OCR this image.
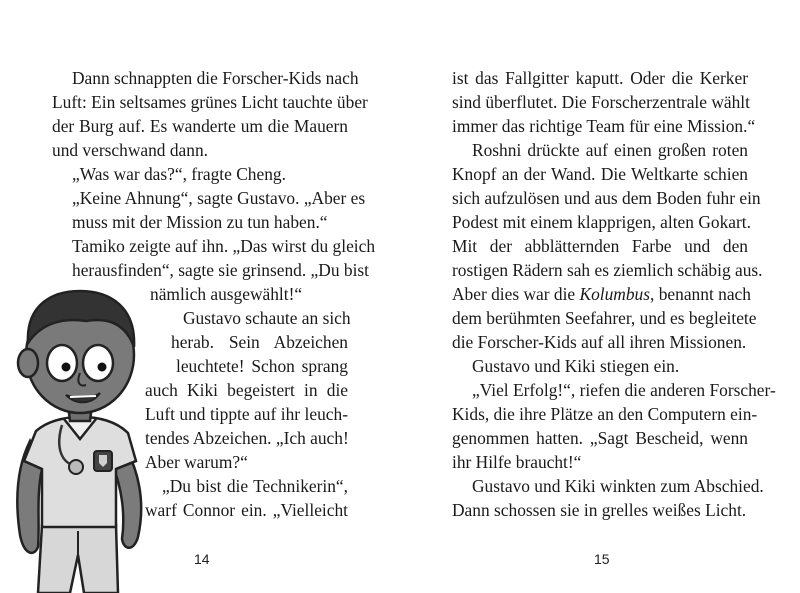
Dann schnappten die Forscher-Kids nach
Luft: Ein seltsames grünes Licht tauchte über
der Burg auf. Es wanderte um die Mauern
und verschwand dann.
„Was war das?“, fragte Cheng.
„Keine Ahnung“, sagte Gustavo. „Aber es
muss mit der Mission zu tun haben.“
Tamiko zeigte auf ihn. „Das wirst du gleich
herausfinden“, sagte sie grinsend. „Du bist
nämlich ausgewählt!“
Gustavo schaute an sich
herab. Sein Abzeichen
leuchtete! Schon sprang
auch Kiki begeistert in die
Luft und tippte auf ihr leuch-
tendes Abzeichen. „Ich auch!
Aber warum?“
„Du bist die Technikerin“,
warf Connor ein. „Vielleicht
14
ist das Fallgitter kaputt. Oder die Kerker
sind überflutet. Die Forscherzentrale wählt
immer das richtige Team für eine Mission.“
Roshni drückte auf einen großen roten
Knopf an der Wand. Die Weltkarte schien
sich aufzulösen und aus dem Boden fuhr ein
Podest mit einem klapprigen, alten Gokart.
Mit der abblätternden Farbe und den
rostigen Rädern sah es ziemlich schäbig aus.
Aber dies war die Kolumbus, benannt nach
dem berühmten Seefahrer, und es begleitete
die Forscher-Kids auf all ihren Missionen.
Gustavo und Kiki stiegen ein.
„Viel Erfolg!“, riefen die anderen Forscher-
Kids, die ihre Plätze an den Computern ein-
genommen hatten. „Sagt Bescheid, wenn
ihr Hilfe braucht!“
Gustavo und Kiki winkten zum Abschied.
Dann schossen sie in grelles weißes Licht.
15
